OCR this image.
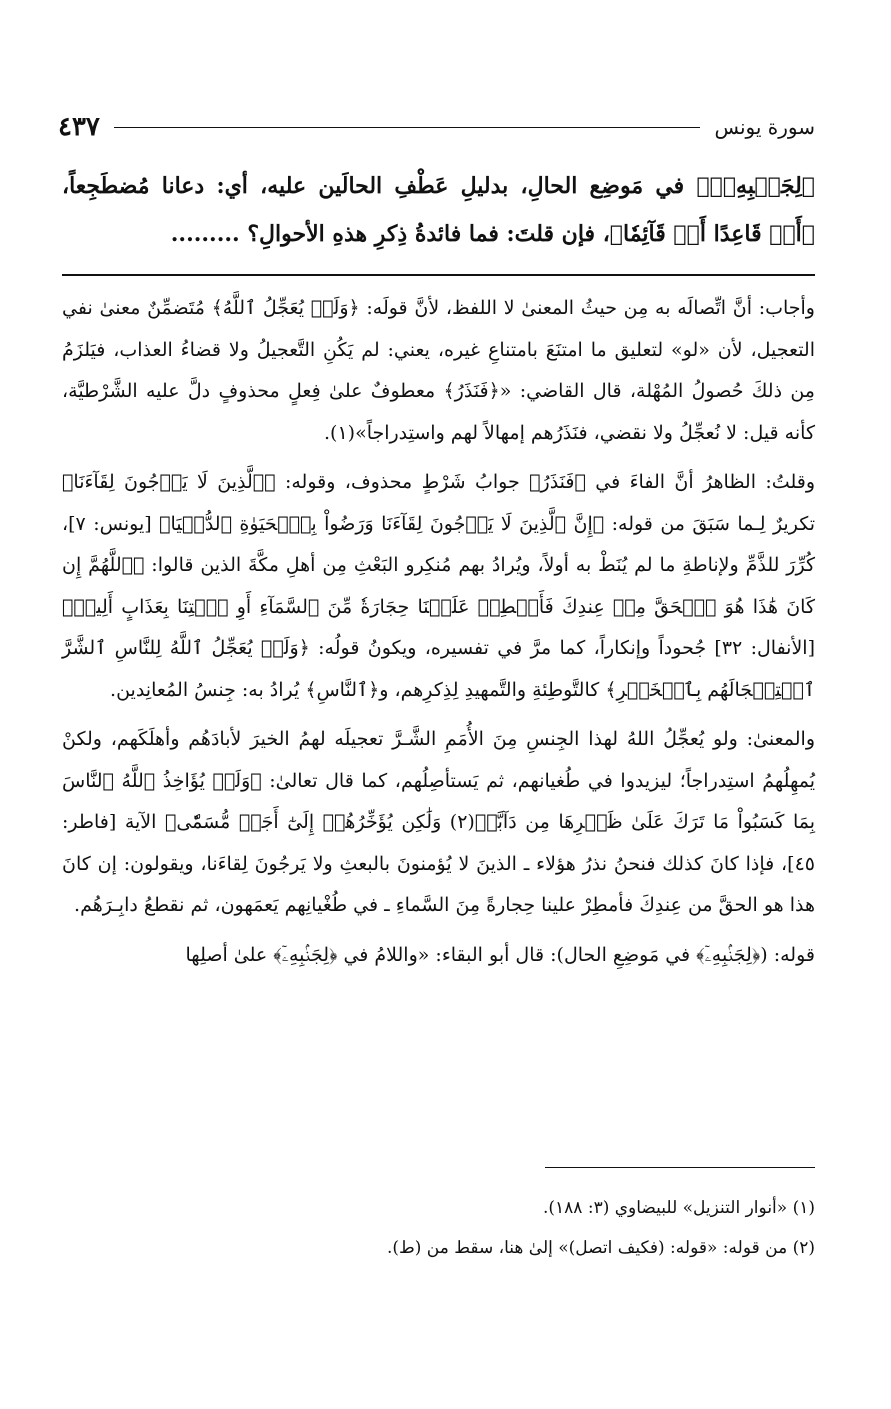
سورة يونس
٤٣٧
﴿لِجَنۢبِهِۦٓ﴾ في مَوضِع الحالِ، بدليلِ عَطْفِ الحالَين عليه، أي: دعانا مُضطَجِعاً، ﴿أَوۡ قَاعِدًا أَوۡ قَآئِمٗا﴾، فإن قلتَ: فما فائدةُ ذِكرِ هذهِ الأحوالِ؟ .........

وأجاب: أنَّ اتِّصالَه به مِن حيثُ المعنىٰ لا اللفظ، لأنَّ قولَه: ﴿وَلَوۡ يُعَجِّلُ ٱللَّهُ﴾ مُتَضمِّنٌ معنىٰ نفي التعجيل، لأن «لو» لتعليق ما امتنَعَ بامتناعِ غيره، يعني: لم يَكُنِ التَّعجيلُ ولا قضاءُ العذاب، فيَلزَمُ مِن ذلكَ حُصولُ المُهْلة، قال القاضي: «﴿فَنَذَرُ﴾ معطوفٌ علىٰ فِعلٍ محذوفٍ دلَّ عليه الشَّرْطيَّة، كأنه قيل: لا نُعجِّلُ ولا نقضي، فنَذَرُهم إمهالاً لهم واستِدراجاً»(١).

وقلتُ: الظاهرُ أنَّ الفاءَ في ﴿فَنَذَرُ﴾ جوابُ شَرْطٍ محذوف، وقوله: ﴿ٱلَّذِينَ لَا يَرۡجُونَ لِقَآءَنَا﴾ تكريرٌ لِـما سَبَقَ من قوله: ﴿إِنَّ ٱلَّذِينَ لَا يَرۡجُونَ لِقَآءَنَا وَرَضُواْ بِٱلۡحَيَوٰةِ ٱلدُّنۡيَا﴾ [يونس: ٧]، كُرِّرَ للذَّمِّ ولإناطةِ ما لم يُنَطْ به أولاً، ويُرادُ بهم مُنكِرو البَعْثِ مِن أهلِ مكَّةَ الذين قالوا: ﴿ٱللَّهُمَّ إِن كَانَ هَٰذَا هُوَ ٱلۡحَقَّ مِنۡ عِندِكَ فَأَمۡطِرۡ عَلَيۡنَا حِجَارَةٗ مِّنَ ٱلسَّمَآءِ أَوِ ٱئۡتِنَا بِعَذَابٍ أَلِيمٖ﴾ [الأنفال: ٣٢] جُحوداً وإنكاراً، كما مرَّ في تفسيره، ويكونُ قولُه: ﴿وَلَوۡ يُعَجِّلُ ٱللَّهُ لِلنَّاسِ ٱلشَّرَّ ٱسۡتِعۡجَالَهُم بِٱلۡخَيۡرِ﴾ كالتَّوطِئةِ والتَّمهيدِ لِذِكرِهم، و﴿ٱلنَّاسِ﴾ يُرادُ به: جِنسُ المُعانِدين.

والمعنىٰ: ولو يُعجِّلُ اللهُ لهذا الجِنسِ مِنَ الأُمَمِ الشَّـرَّ تعجيلَه لهمُ الخيرَ لأبادَهُم وأهلَكَهم، ولكنْ يُمهِلُهمُ استِدراجاً؛ ليزيدوا في طُغيانهم، ثم يَستأصِلُهم، كما قال تعالىٰ: ﴿وَلَوۡ يُؤَاخِذُ ٱللَّهُ ٱلنَّاسَ بِمَا كَسَبُواْ مَا تَرَكَ عَلَىٰ ظَهۡرِهَا مِن دَآبَّةٖ(٢) وَلَٰكِن يُؤَخِّرُهُمۡ إِلَىٰٓ أَجَلٖ مُّسَمّٗى﴾ الآية [فاطر: ٤٥]، فإذا كانَ كذلك فنحنُ نذرُ هؤلاء ـ الذينَ لا يُؤمنونَ بالبعثِ ولا يَرجُونَ لِقاءَنا، ويقولون: إن كانَ هذا هو الحقَّ من عِندِكَ فأمطِرْ علينا حِجارةً مِنَ السَّماءِ ـ في طُغْيانِهم يَعمَهون، ثم نقطعُ دابِـرَهُم.

قوله: (﴿لِجَنۢبِهِۦٓ﴾ في مَوضِعِ الحال): قال أبو البقاء: «واللامُ في ﴿لِجَنۢبِهِۦٓ﴾ علىٰ أصلِها

(١) «أنوار التنزيل» للبيضاوي (٣: ١٨٨).
(٢) من قوله: «قوله: (فكيف اتصل)» إلىٰ هنا، سقط من (ط).
